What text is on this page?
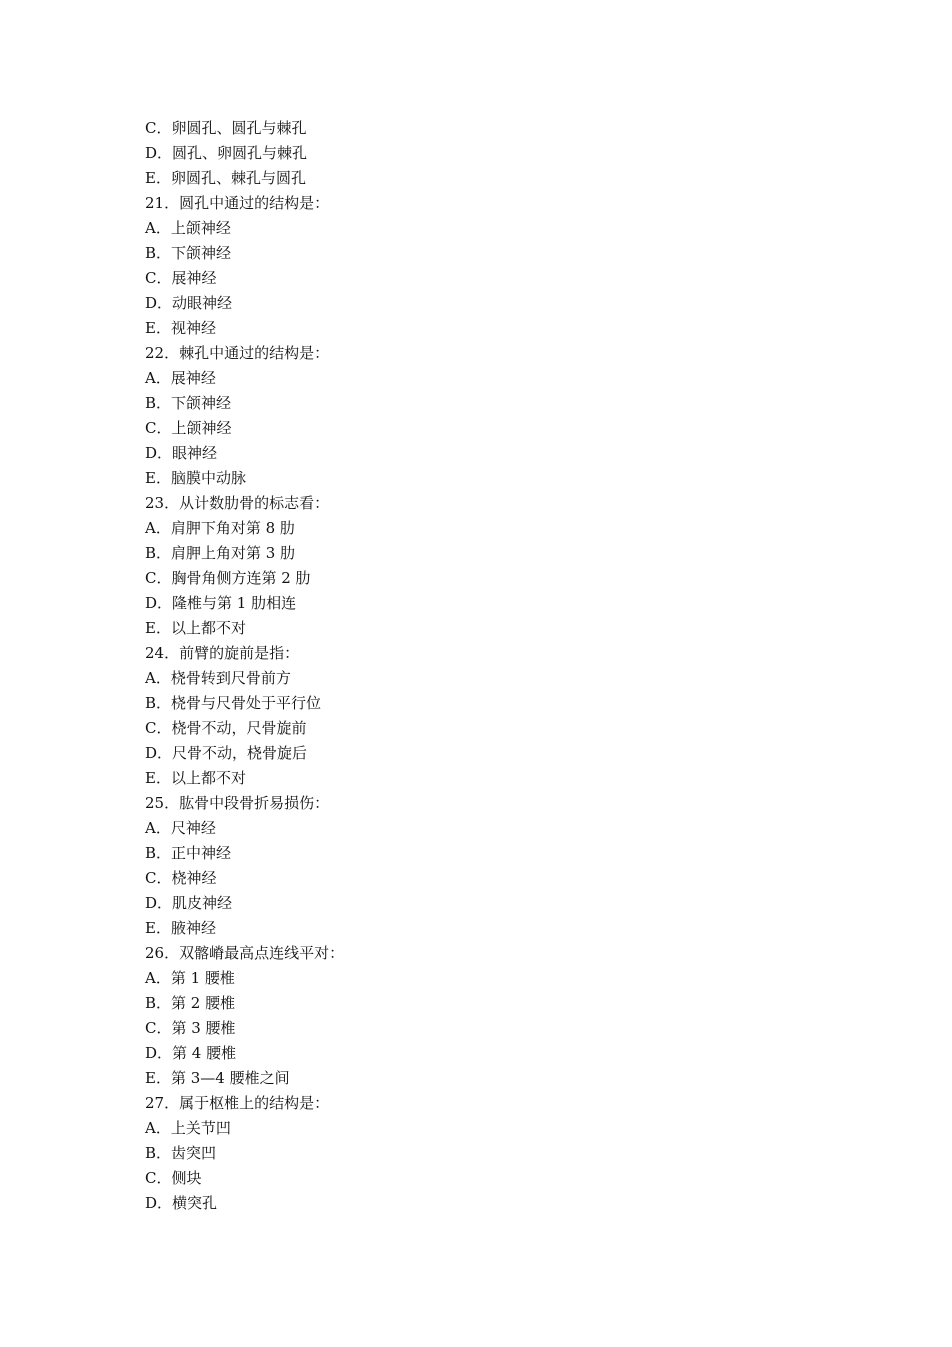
C．卵圆孔、圆孔与棘孔
D．圆孔、卵圆孔与棘孔
E．卵圆孔、棘孔与圆孔
21．圆孔中通过的结构是：
A．上颌神经
B．下颌神经
C．展神经
D．动眼神经
E．视神经
22．棘孔中通过的结构是：
A．展神经
B．下颌神经
C．上颌神经
D．眼神经
E．脑膜中动脉
23．从计数肋骨的标志看：
A．肩胛下角对第 8 肋
B．肩胛上角对第 3 肋
C．胸骨角侧方连第 2 肋
D．隆椎与第 1 肋相连
E．以上都不对
24．前臂的旋前是指：
A．桡骨转到尺骨前方
B．桡骨与尺骨处于平行位
C．桡骨不动，尺骨旋前
D．尺骨不动，桡骨旋后
E．以上都不对
25．肱骨中段骨折易损伤：
A．尺神经
B．正中神经
C．桡神经
D．肌皮神经
E．腋神经
26．双髂嵴最高点连线平对：
A．第 1 腰椎
B．第 2 腰椎
C．第 3 腰椎
D．第 4 腰椎
E．第 3—4 腰椎之间
27．属于枢椎上的结构是：
A．上关节凹
B．齿突凹
C．侧块
D．横突孔
